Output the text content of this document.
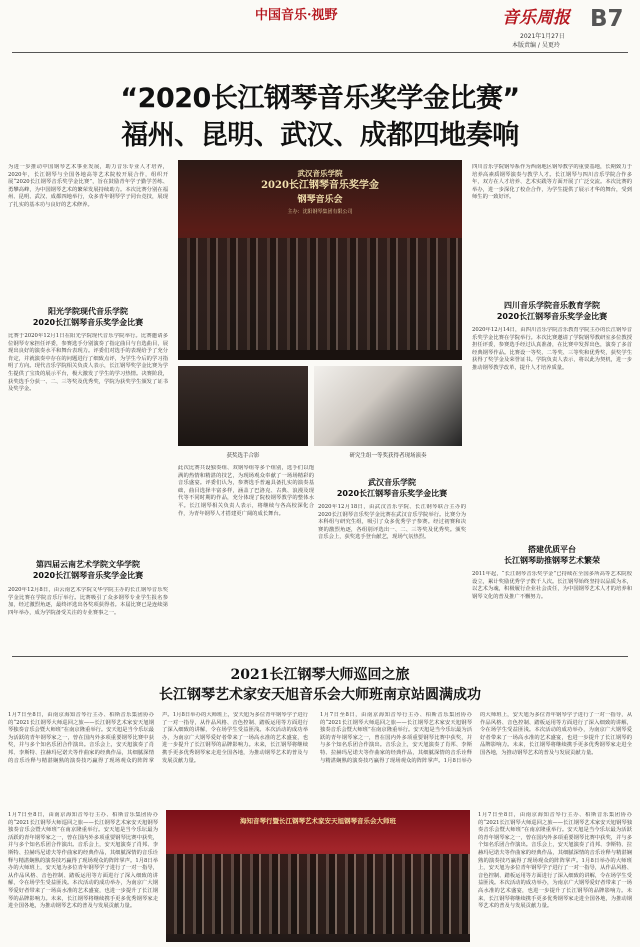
中国音乐·视野	音乐周报 B7
2021年1月27日
本版责编 / 吴更玲
“2020长江钢琴音乐奖学金比赛”
福州、昆明、武汉、成都四地奏响
为进一步推动中国钢琴艺术事业发展，助力音乐专业人才培养，2020年，长江钢琴与全国各地高等艺术院校开展合作，组织开展“2020长江钢琴音乐奖学金比赛”，旨在鼓励青年学子勤学苦练、勇攀高峰，为中国钢琴艺术的繁荣发展持续助力。本次比赛分别在福州、昆明、武汉、成都四地举行，众多青年钢琴学子同台竞技，展现了扎实的基本功与良好的艺术修养。
阳光学院现代音乐学院
2020长江钢琴音乐奖学金比赛
比赛于2020年12月1日在阳光学院现代音乐学院举行。比赛邀请多位钢琴专家担任评委，参赛选手分别演奏了指定曲目与自选曲目，展现出良好的演奏水平和舞台表现力。评委们对选手的表现给予了充分肯定，并就演奏中存在的问题进行了细致点评，为学生今后的学习指明了方向。现代音乐学院相关负责人表示，长江钢琴奖学金比赛为学生提供了宝贵的展示平台，极大激发了学生的学习热情。决赛阶段，获奖选手分获一、二、三等奖及优秀奖，学院为获奖学生颁发了证书及奖学金。
第四届云南艺术学院文华学院
2020长江钢琴音乐奖学金比赛
2020年12月8日，由云南艺术学院文华学院主办的长江钢琴音乐奖学金比赛在学院音乐厅举行。比赛吸引了众多钢琴专业学生报名参加，经过激烈角逐，最终评选出各奖项获得者。本届比赛已是连续第四年举办，成为学院备受关注的专业赛事之一。
武汉音乐学院
2020长江钢琴音乐奖学金
钢琴音乐会
主办：沈阳钢琴集团有限公司
获奖选手合影	研究生组一等奖获得者现场演奏
此次比赛共设独奏组、双钢琴组等多个组别，选手们以饱满的热情和精湛的技艺，为现场观众奉献了一场场精彩的音乐盛宴。评委们认为，参赛选手普遍具备扎实的演奏基础，曲目选择丰富多样，涵盖了巴洛克、古典、浪漫及现代等不同时期的作品，充分体现了院校钢琴教学的整体水平。长江钢琴相关负责人表示，将继续与各高校深化合作，为青年钢琴人才搭建更广阔的成长舞台。
武汉音乐学院
2020长江钢琴音乐奖学金比赛
2020年12月18日，由武汉音乐学院、长江钢琴联合主办的2020长江钢琴音乐奖学金比赛在武汉音乐学院举行。比赛分为本科组与研究生组，吸引了众多优秀学子参赛。经过初赛和决赛的激烈角逐，各组别评选出一、二、三等奖及优秀奖。颁奖音乐会上，获奖选手登台献艺，现场气氛热烈。
四川音乐学院钢琴系作为西南地区钢琴教学的重要基地，长期致力于培养高素质钢琴演奏与教学人才。长江钢琴与四川音乐学院合作多年，双方在人才培养、艺术实践等方面开展了广泛交流。本次比赛的举办，进一步深化了校企合作，为学生提供了展示才华的舞台，受到师生的一致好评。
四川音乐学院音乐教育学院
2020长江钢琴音乐奖学金比赛
2020年12月14日，由四川音乐学院音乐教育学院主办的长江钢琴音乐奖学金比赛在学院举行。本次比赛邀请了学院钢琴教研室多位教授担任评委，参赛选手经过认真准备，在比赛中发挥出色，演奏了多首经典钢琴作品。比赛设一等奖、二等奖、三等奖和优秀奖，获奖学生获得了奖学金及荣誉证书。学院负责人表示，将以此为契机，进一步推动钢琴教学改革，提升人才培养质量。
搭建优质平台
长江钢琴助推钢琴艺术繁荣
2011年起，“长江钢琴音乐奖学金”已持续在全国多所高等艺术院校设立，累计奖励优秀学子数千人次。长江钢琴始终坚持以品质为本，以艺术为魂，积极履行企业社会责任，为中国钢琴艺术人才的培养和钢琴文化的普及推广不懈努力。
2021长江钢琴大师巡回之旅
长江钢琴艺术家安天旭音乐会大师班南京站圆满成功
1月7日至8日，由南京海知音琴行主办、柏斯音乐集团协办的“2021长江钢琴大师巡回之旅——长江钢琴艺术家安天旭钢琴独奏音乐会暨大师班”在南京隆重举行。安天旭是当今乐坛最为活跃的青年钢琴家之一，曾在国内外多项重要钢琴比赛中获奖，并与多个知名乐团合作演出。音乐会上，安天旭演奏了肖邦、李斯特、拉赫玛尼诺夫等作曲家的经典作品，其细腻深情的音乐诠释与精湛娴熟的演奏技巧赢得了现场观众的阵阵掌声。1月8日举办的大师班上，安天旭为多位青年钢琴学子进行了一对一指导，从作品风格、音色控制、踏板运用等方面进行了深入细致的讲解，令在场学生受益匪浅。本次活动的成功举办，为南京广大钢琴爱好者带来了一场高水准的艺术盛宴，也进一步提升了长江钢琴的品牌影响力。未来，长江钢琴将继续携手更多优秀钢琴家走进全国各地，为推动钢琴艺术的普及与发展贡献力量。
1月7日至8日，由南京海知音琴行主办、柏斯音乐集团协办的“2021长江钢琴大师巡回之旅——长江钢琴艺术家安天旭钢琴独奏音乐会暨大师班”在南京隆重举行。安天旭是当今乐坛最为活跃的青年钢琴家之一，曾在国内外多项重要钢琴比赛中获奖，并与多个知名乐团合作演出。音乐会上，安天旭演奏了肖邦、李斯特、拉赫玛尼诺夫等作曲家的经典作品，其细腻深情的音乐诠释与精湛娴熟的演奏技巧赢得了现场观众的阵阵掌声。1月8日举办的大师班上，安天旭为多位青年钢琴学子进行了一对一指导，从作品风格、音色控制、踏板运用等方面进行了深入细致的讲解，令在场学生受益匪浅。本次活动的成功举办，为南京广大钢琴爱好者带来了一场高水准的艺术盛宴，也进一步提升了长江钢琴的品牌影响力。未来，长江钢琴将继续携手更多优秀钢琴家走进全国各地，为推动钢琴艺术的普及与发展贡献力量。
1月7日至8日，由南京海知音琴行主办、柏斯音乐集团协办的“2021长江钢琴大师巡回之旅——长江钢琴艺术家安天旭钢琴独奏音乐会暨大师班”在南京隆重举行。安天旭是当今乐坛最为活跃的青年钢琴家之一，曾在国内外多项重要钢琴比赛中获奖，并与多个知名乐团合作演出。音乐会上，安天旭演奏了肖邦、李斯特、拉赫玛尼诺夫等作曲家的经典作品，其细腻深情的音乐诠释与精湛娴熟的演奏技巧赢得了现场观众的阵阵掌声。1月8日举办的大师班上，安天旭为多位青年钢琴学子进行了一对一指导，从作品风格、音色控制、踏板运用等方面进行了深入细致的讲解，令在场学生受益匪浅。本次活动的成功举办，为南京广大钢琴爱好者带来了一场高水准的艺术盛宴，也进一步提升了长江钢琴的品牌影响力。未来，长江钢琴将继续携手更多优秀钢琴家走进全国各地，为推动钢琴艺术的普及与发展贡献力量。
海知音琴行暨长江钢琴艺术家安天旭钢琴音乐会大师班
1月7日至8日，由南京海知音琴行主办、柏斯音乐集团协办的“2021长江钢琴大师巡回之旅——长江钢琴艺术家安天旭钢琴独奏音乐会暨大师班”在南京隆重举行。安天旭是当今乐坛最为活跃的青年钢琴家之一，曾在国内外多项重要钢琴比赛中获奖，并与多个知名乐团合作演出。音乐会上，安天旭演奏了肖邦、李斯特、拉赫玛尼诺夫等作曲家的经典作品，其细腻深情的音乐诠释与精湛娴熟的演奏技巧赢得了现场观众的阵阵掌声。1月8日举办的大师班上，安天旭为多位青年钢琴学子进行了一对一指导，从作品风格、音色控制、踏板运用等方面进行了深入细致的讲解，令在场学生受益匪浅。本次活动的成功举办，为南京广大钢琴爱好者带来了一场高水准的艺术盛宴，也进一步提升了长江钢琴的品牌影响力。未来，长江钢琴将继续携手更多优秀钢琴家走进全国各地，为推动钢琴艺术的普及与发展贡献力量。
